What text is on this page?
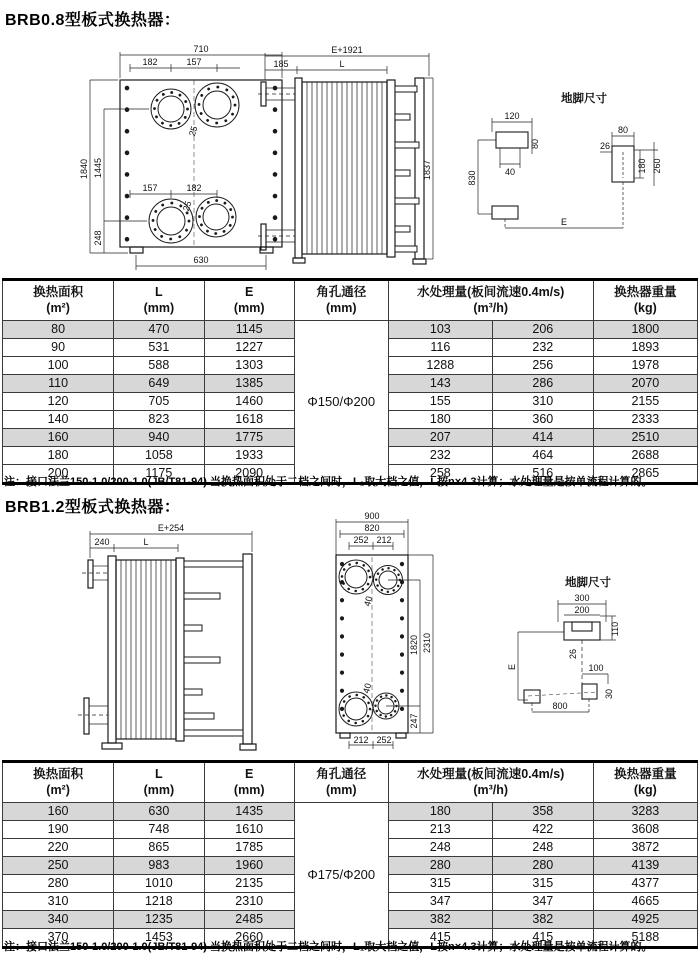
BRB0.8型板式换热器：
710
182	157
1840 1445
248
25
25
157	182
630
E+1921
185	L
1837
地脚尺寸
120
80
40
830
80
26
180 260
E
换热面积
(m²)	L
(mm)	E
(mm)	角孔通径
(mm)	水处理量(板间流速0.4m/s)
(m³/h)		换热器重量
(kg)
80	470	1145	Φ150/Φ200	103	206	1800
90	531	1227		116	232	1893
100	588	1303		1288	256	1978
110	649	1385		143	286	2070
120	705	1460		155	310	2155
140	823	1618		180	360	2333
160	940	1775		207	414	2510
180	1058	1933		232	464	2688
200	1175	2090		258	516	2865
注：接口法兰150-1.0/200-1.0(JB/T81-94) 当换热面积处于二档之间时，L₁取大档之值，L按n×4.3计算；水处理量是按单流程计算的。
BRB1.2型板式换热器：
E+254
240	L
900
820
252 212
40
40
1820 2310
247
212 252
地脚尺寸
300
200
110
26
E	100
30
800
换热面积
(m²)	L
(mm)	E
(mm)	角孔通径
(mm)	水处理量(板间流速0.4m/s)
(m³/h)		换热器重量
(kg)
160	630	1435	Φ175/Φ200	180	358	3283
190	748	1610		213	422	3608
220	865	1785		248	248	3872
250	983	1960		280	280	4139
280	1010	2135		315	315	4377
310	1218	2310		347	347	4665
340	1235	2485		382	382	4925
370	1453	2660		415	415	5188
注：接口法兰150-1.0/200-1.0(JB/T81-94) 当换热面积处于二档之间时，L₁取大档之值，L按n×4.3计算；水处理量是按单流程计算的。
